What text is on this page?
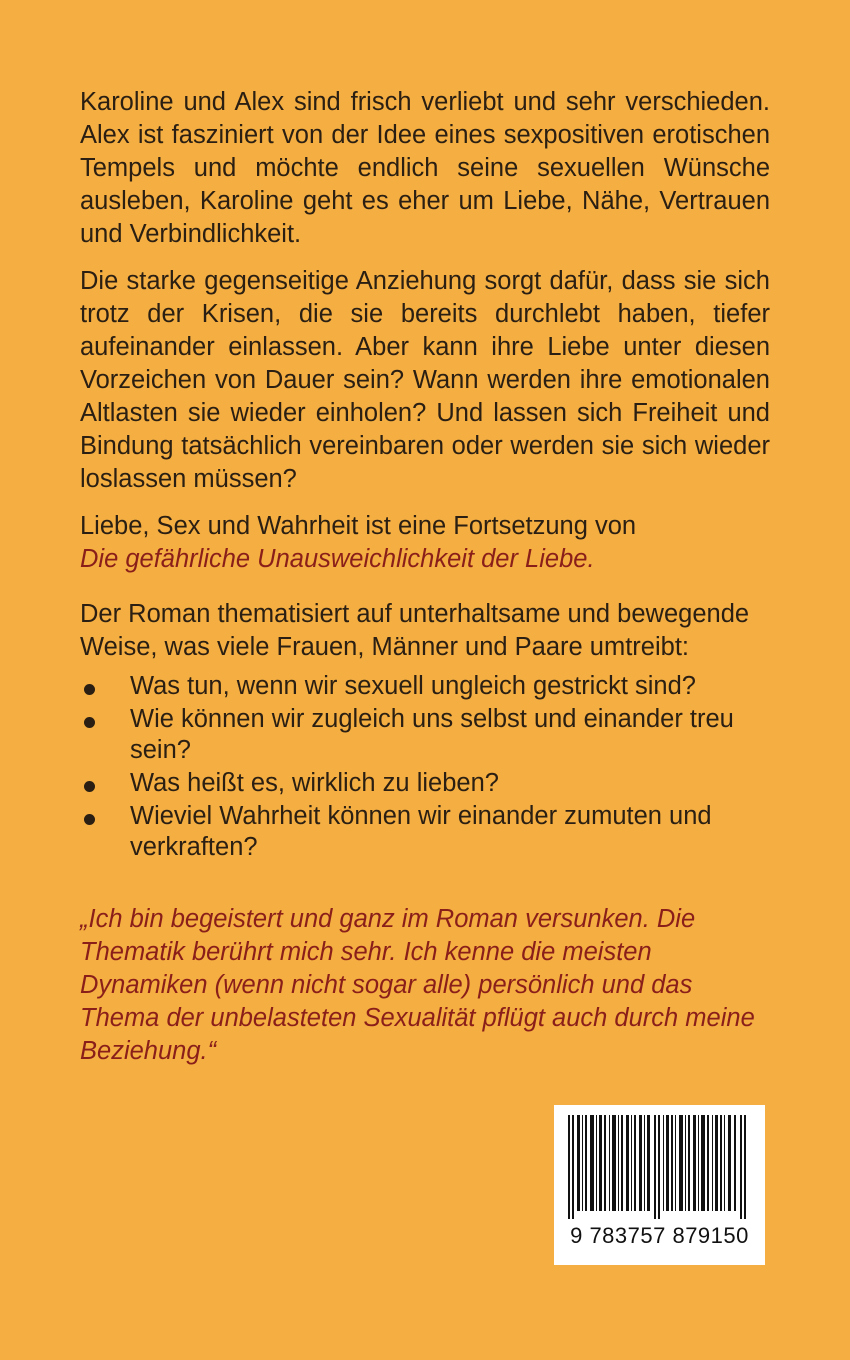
Karoline und Alex sind frisch verliebt und sehr verschieden. Alex ist fasziniert von der Idee eines sexpositiven erotischen Tempels und möchte endlich seine sexuellen Wünsche ausleben, Karoline geht es eher um Liebe, Nähe, Vertrauen und Verbindlichkeit.

Die starke gegenseitige Anziehung sorgt dafür, dass sie sich trotz der Krisen, die sie bereits durchlebt haben, tiefer aufeinander einlassen. Aber kann ihre Liebe unter diesen Vorzeichen von Dauer sein? Wann werden ihre emotionalen Altlasten sie wieder einholen? Und lassen sich Freiheit und Bindung tatsächlich vereinbaren oder werden sie sich wieder loslassen müssen?

Liebe, Sex und Wahrheit ist eine Fortsetzung von
Die gefährliche Unausweichlichkeit der Liebe.

Der Roman thematisiert auf unterhaltsame und bewegende Weise, was viele Frauen, Männer und Paare umtreibt:

Was tun, wenn wir sexuell ungleich gestrickt sind?
Wie können wir zugleich uns selbst und einander treu sein?
Was heißt es, wirklich zu lieben?
Wieviel Wahrheit können wir einander zumuten und verkraften?
„Ich bin begeistert und ganz im Roman versunken. Die Thematik berührt mich sehr. Ich kenne die meisten Dynamiken (wenn nicht sogar alle) persönlich und das Thema der unbelasteten Sexualität pflügt auch durch meine Beziehung.“
9 783757 879150
